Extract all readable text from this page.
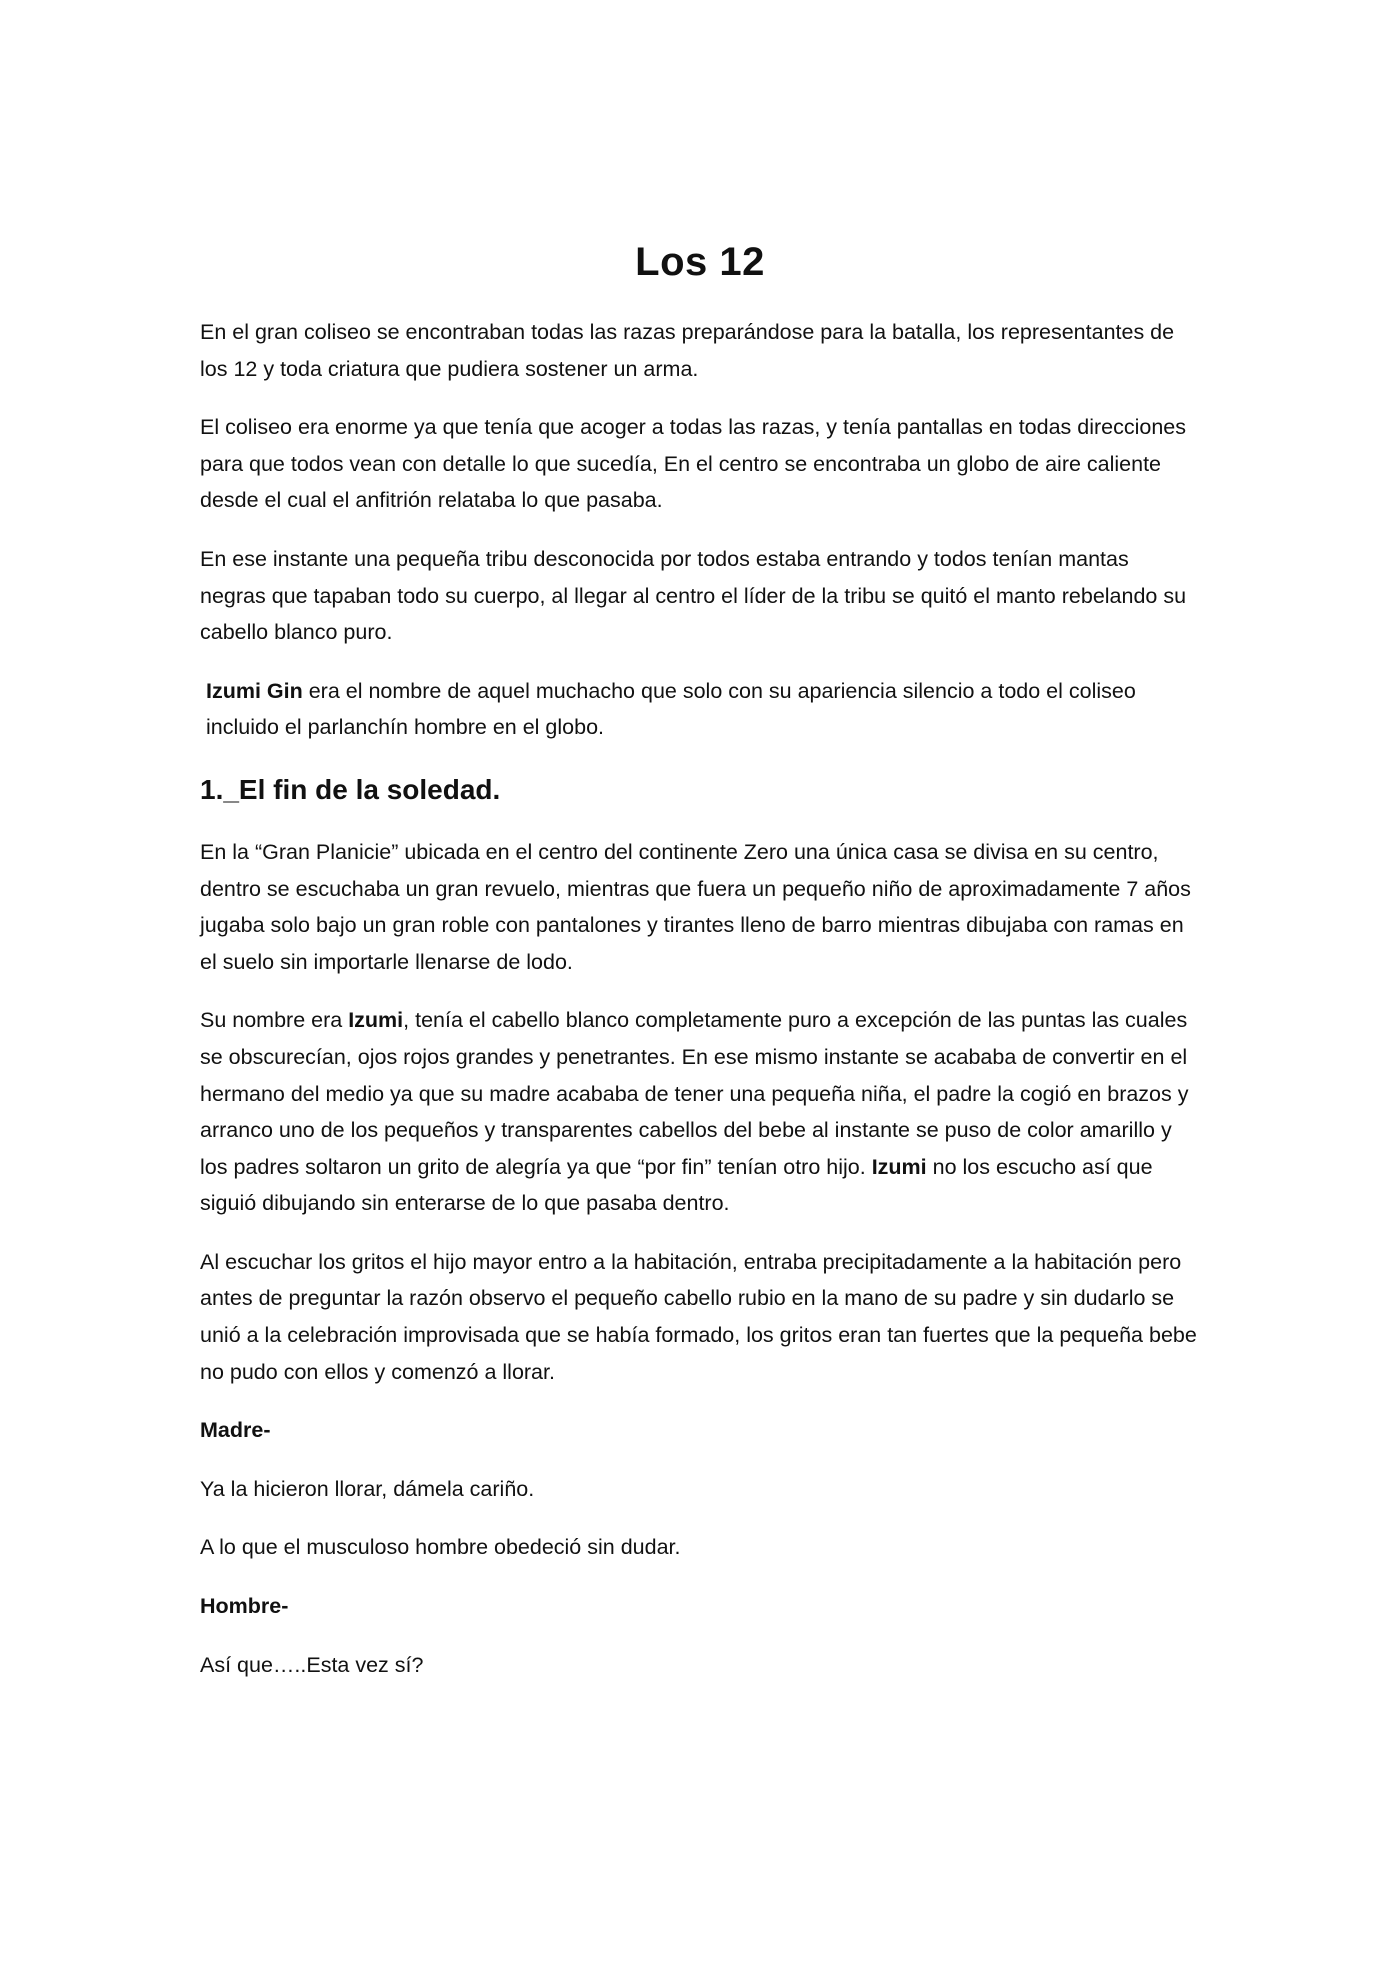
Los 12

En el gran coliseo se encontraban todas las razas preparándose para la batalla, los representantes de los 12 y toda criatura que pudiera sostener un arma.

El coliseo era enorme ya que tenía que acoger a todas las razas, y tenía pantallas en todas direcciones para que todos vean con detalle lo que sucedía, En el centro se encontraba un globo de aire caliente desde el cual el anfitrión relataba lo que pasaba.

En ese instante una pequeña tribu desconocida por todos estaba entrando y todos tenían mantas negras que tapaban todo su cuerpo, al llegar al centro el líder de la tribu se quitó el manto rebelando su cabello blanco puro.

Izumi Gin era el nombre de aquel muchacho que solo con su apariencia silencio a todo el coliseo incluido el parlanchín hombre en el globo.

1._El fin de la soledad.

En la “Gran Planicie” ubicada en el centro del continente Zero una única casa se divisa en su centro, dentro se escuchaba un gran revuelo, mientras que fuera un pequeño niño de aproximadamente 7 años jugaba solo bajo un gran roble con pantalones y tirantes lleno de barro mientras dibujaba con ramas en el suelo sin importarle llenarse de lodo.

Su nombre era Izumi, tenía el cabello blanco completamente puro a excepción de las puntas las cuales se obscurecían, ojos rojos grandes y penetrantes. En ese mismo instante se acababa de convertir en el hermano del medio ya que su madre acababa de tener una pequeña niña, el padre la cogió en brazos y arranco uno de los pequeños y transparentes cabellos del bebe al instante se puso de color amarillo y los padres soltaron un grito de alegría ya que “por fin” tenían otro hijo. Izumi no los escucho así que siguió dibujando sin enterarse de lo que pasaba dentro.

Al escuchar los gritos el hijo mayor entro a la habitación, entraba precipitadamente a la habitación pero antes de preguntar la razón observo el pequeño cabello rubio en la mano de su padre y sin dudarlo se unió a la celebración improvisada que se había formado, los gritos eran tan fuertes que la pequeña bebe no pudo con ellos y comenzó a llorar.

Madre-

Ya la hicieron llorar, dámela cariño.

A lo que el musculoso hombre obedeció sin dudar.

Hombre-

Así que…..Esta vez sí?
